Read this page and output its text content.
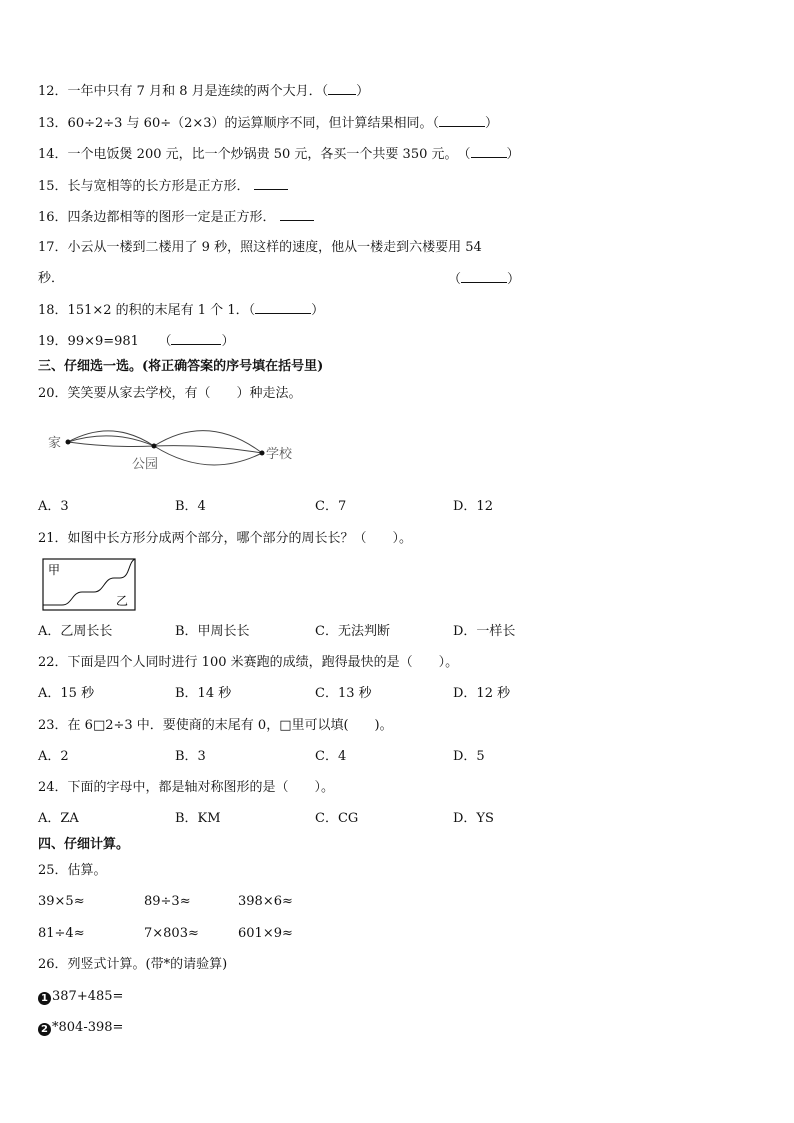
12．一年中只有 7 月和 8 月是连续的两个大月．（ ）
13．60÷2÷3 与 60÷（2×3）的运算顺序不同，但计算结果相同。（	）
14．一个电饭煲 200 元，比一个炒锅贵 50 元，各买一个共要 350 元。　（	）
15．长与宽相等的长方形是正方形．
16．四条边都相等的图形一定是正方形．
17．小云从一楼到二楼用了 9 秒，照这样的速度，他从一楼走到六楼要用 54
秒．	（	）
18．151×2 的积的末尾有 1 个 1．（	）
19．99×9=981　　（	）
三、仔细选一选。(将正确答案的序号填在括号里)
20．笑笑要从家去学校，有（　　）种走法。
家
公园
学校
A．3	B．4	C．7	D．12
21．如图中长方形分成两个部分，哪个部分的周长长？（　　）。
甲
乙
A．乙周长长	B．甲周长长	C．无法判断	D．一样长
22．下面是四个人同时进行 100 米赛跑的成绩，跑得最快的是（　　）。
A．15 秒	B．14 秒	C．13 秒	D．12 秒
23．在 6□2÷3 中．要使商的末尾有 0，□里可以填(　　)。
A．2	B．3	C．4	D．5
24．下面的字母中，都是轴对称图形的是（　　）。
A．ZA	B．KM	C．CG	D．YS
四、仔细计算。
25．估算。
39×5≈	89÷3≈	398×6≈
81÷4≈	7×803≈	601×9≈
26．列竖式计算。(带*的请验算)
1 387+485=
2 *804-398=
